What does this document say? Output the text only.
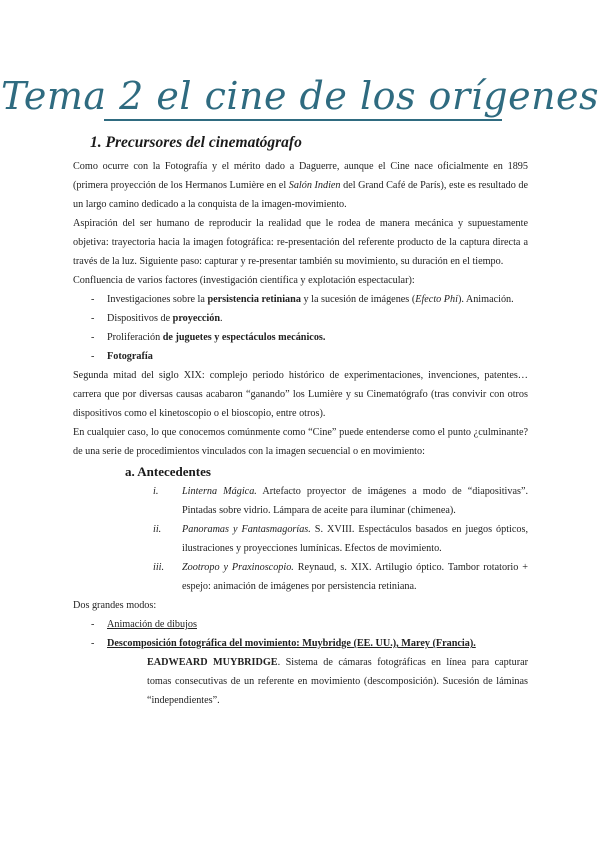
Tema 2 el cine de los orígenes
1. Precursores del cinematógrafo

Como ocurre con la Fotografía y el mérito dado a Daguerre, aunque el Cine nace oficialmente en 1895 (primera proyección de los Hermanos Lumière en el Salón Indien del Grand Café de París), este es resultado de un largo camino dedicado a la conquista de la imagen-movimiento.

Aspiración del ser humano de reproducir la realidad que le rodea de manera mecánica y supuestamente objetiva: trayectoria hacia la imagen fotográfica: re-presentación del referente producto de la captura directa a través de la luz. Siguiente paso: capturar y re-presentar también su movimiento, su duración en el tiempo.

Confluencia de varios factores (investigación científica y explotación espectacular):

- Investigaciones sobre la persistencia retiniana y la sucesión de imágenes (Efecto Phi). Animación.
- Dispositivos de proyección.
- Proliferación de juguetes y espectáculos mecánicos.
- Fotografía

Segunda mitad del siglo XIX: complejo periodo histórico de experimentaciones, invenciones, patentes… carrera que por diversas causas acabaron “ganando” los Lumière y su Cinematógrafo (tras convivir con otros dispositivos como el kinetoscopio o el bioscopio, entre otros).

En cualquier caso, lo que conocemos comúnmente como “Cine” puede entenderse como el punto ¿culminante? de una serie de procedimientos vinculados con la imagen secuencial o en movimiento:

a. Antecedentes
i. Linterna Mágica. Artefacto proyector de imágenes a modo de “diapositivas”. Pintadas sobre vidrio. Lámpara de aceite para iluminar (chimenea).
ii. Panoramas y Fantasmagorías. S. XVIII. Espectáculos basados en juegos ópticos, ilustraciones y proyecciones lumínicas. Efectos de movimiento.
iii. Zootropo y Praxinoscopio. Reynaud, s. XIX. Artilugio óptico. Tambor rotatorio + espejo: animación de imágenes por persistencia retiniana.

Dos grandes modos:

- Animación de dibujos
- Descomposición fotográfica del movimiento: Muybridge (EE. UU.), Marey (Francia).

EADWEARD MUYBRIDGE. Sistema de cámaras fotográficas en línea para capturar tomas consecutivas de un referente en movimiento (descomposición). Sucesión de láminas “independientes”.
